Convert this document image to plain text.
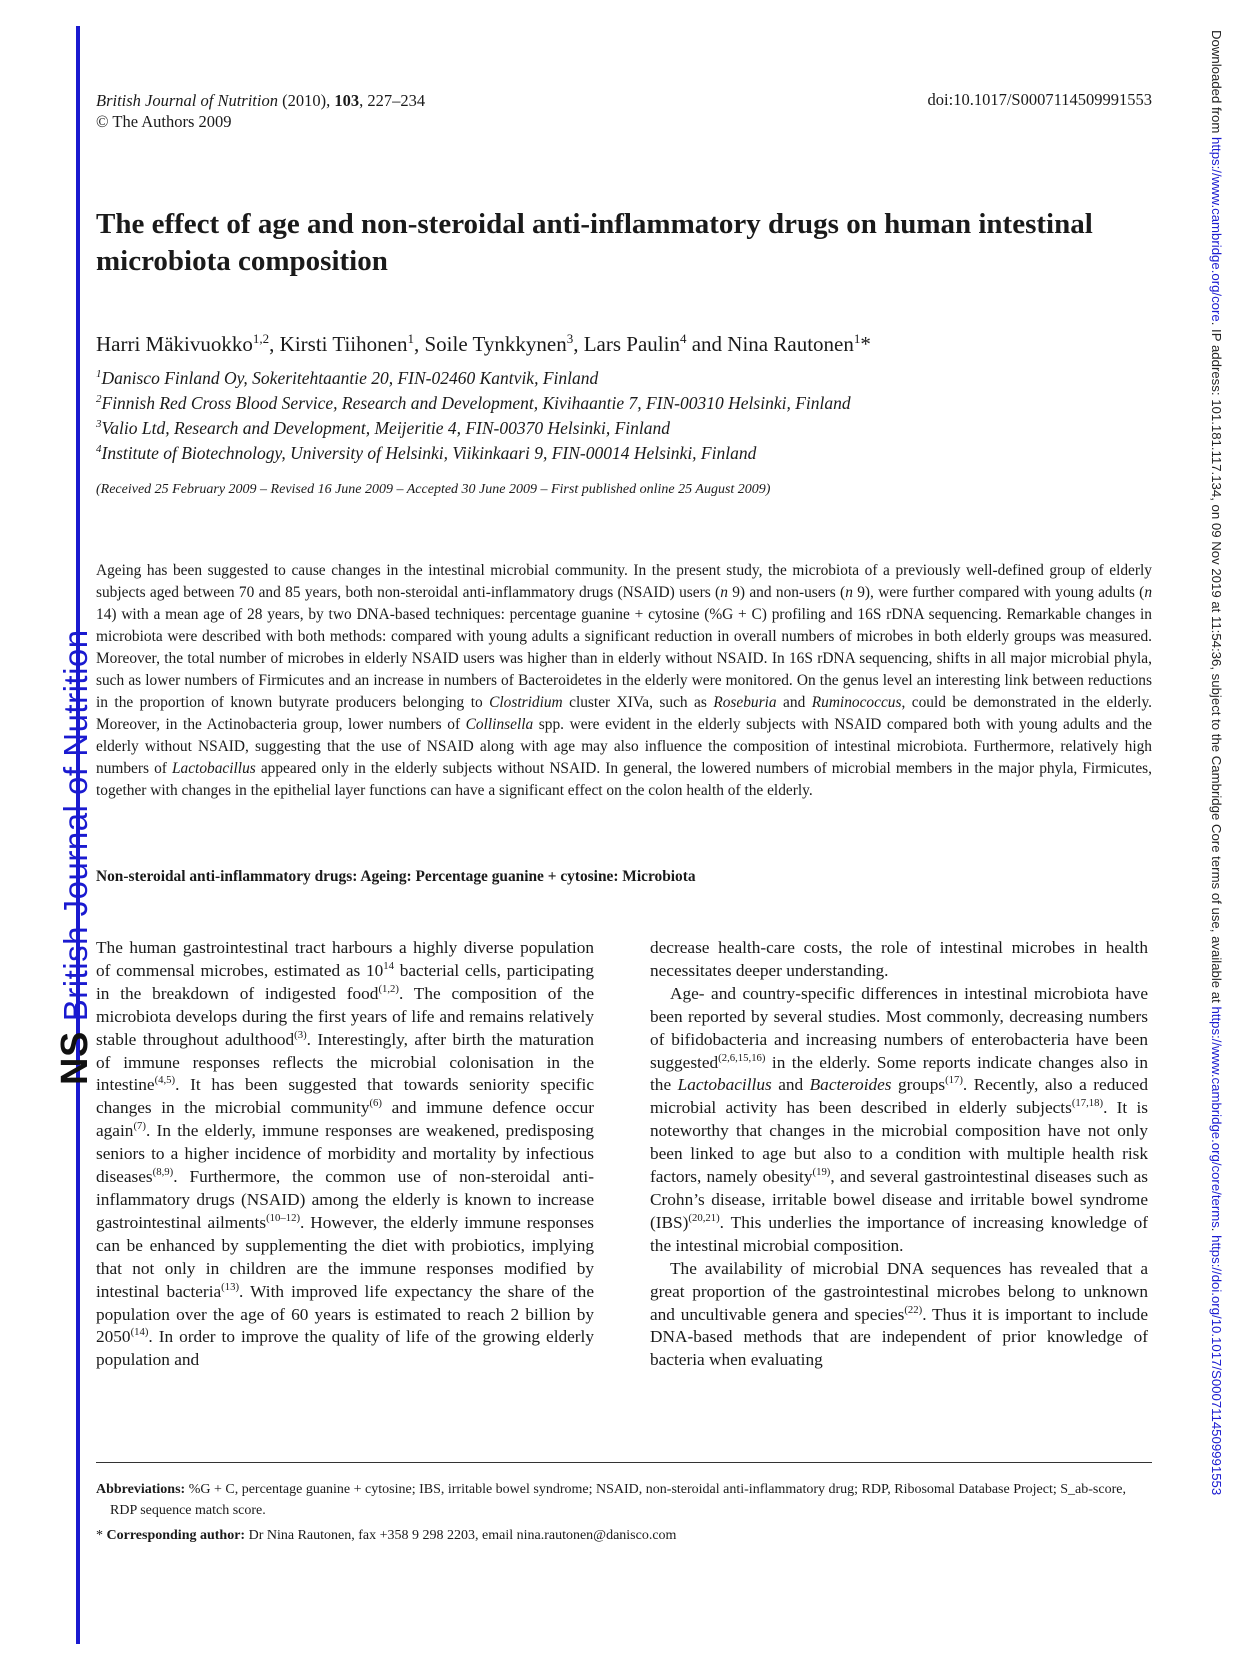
NSBritish Journal of Nutrition
Downloaded from https://www.cambridge.org/core. IP address: 101.181.117.134, on 09 Nov 2019 at 11:54:36, subject to the Cambridge Core terms of use, available at https://www.cambridge.org/core/terms. https://doi.org/10.1017/S0007114509991553
British Journal of Nutrition (2010), 103, 227–234
© The Authors 2009
doi:10.1017/S0007114509991553
The effect of age and non-steroidal anti-inflammatory drugs on human intestinal microbiota composition
Harri Mäkivuokko$^{1,2}$, Kirsti Tiihonen$^1$, Soile Tynkkynen$^3$, Lars Paulin$^4$ and Nina Rautonen$^1$*
$^1$Danisco Finland Oy, Sokeritehtaantie 20, FIN-02460 Kantvik, Finland
$^2$Finnish Red Cross Blood Service, Research and Development, Kivihaantie 7, FIN-00310 Helsinki, Finland
$^3$Valio Ltd, Research and Development, Meijeritie 4, FIN-00370 Helsinki, Finland
$^4$Institute of Biotechnology, University of Helsinki, Viikinkaari 9, FIN-00014 Helsinki, Finland
(Received 25 February 2009 – Revised 16 June 2009 – Accepted 30 June 2009 – First published online 25 August 2009)

Ageing has been suggested to cause changes in the intestinal microbial community. In the present study, the microbiota of a previously well-defined group of elderly subjects aged between 70 and 85 years, both non-steroidal anti-inflammatory drugs (NSAID) users (n 9) and non-users (n 9), were further compared with young adults (n 14) with a mean age of 28 years, by two DNA-based techniques: percentage guanine + cytosine (%G + C) profiling and 16S rDNA sequencing. Remarkable changes in microbiota were described with both methods: compared with young adults a significant reduction in overall numbers of microbes in both elderly groups was measured. Moreover, the total number of microbes in elderly NSAID users was higher than in elderly without NSAID. In 16S rDNA sequencing, shifts in all major microbial phyla, such as lower numbers of Firmicutes and an increase in numbers of Bacteroidetes in the elderly were monitored. On the genus level an interesting link between reductions in the proportion of known butyrate producers belonging to Clostridium cluster XIVa, such as Roseburia and Ruminococcus, could be demonstrated in the elderly. Moreover, in the Actinobacteria group, lower numbers of Collinsella spp. were evident in the elderly subjects with NSAID compared both with young adults and the elderly without NSAID, suggesting that the use of NSAID along with age may also influence the composition of intestinal microbiota. Furthermore, relatively high numbers of Lactobacillus appeared only in the elderly subjects without NSAID. In general, the lowered numbers of microbial members in the major phyla, Firmicutes, together with changes in the epithelial layer functions can have a significant effect on the colon health of the elderly.

Non-steroidal anti-inflammatory drugs: Ageing: Percentage guanine + cytosine: Microbiota

The human gastrointestinal tract harbours a highly diverse population of commensal microbes, estimated as $10^{14}$ bacterial cells, participating in the breakdown of indigested food$^{(1,2)}$. The composition of the microbiota develops during the first years of life and remains relatively stable throughout adulthood$^{(3)}$. Interestingly, after birth the maturation of immune responses reflects the microbial colonisation in the intestine$^{(4,5)}$. It has been suggested that towards seniority specific changes in the microbial community$^{(6)}$ and immune defence occur again$^{(7)}$. In the elderly, immune responses are weakened, predisposing seniors to a higher incidence of morbidity and mortality by infectious diseases$^{(8,9)}$. Furthermore, the common use of non-steroidal anti-inflammatory drugs (NSAID) among the elderly is known to increase gastrointestinal ailments$^{(10-12)}$. However, the elderly immune responses can be enhanced by supplementing the diet with probiotics, implying that not only in children are the immune responses modified by intestinal bacteria$^{(13)}$. With improved life expectancy the share of the population over the age of 60 years is estimated to reach 2 billion by 2050$^{(14)}$. In order to improve the quality of life of the growing elderly population and

decrease health-care costs, the role of intestinal microbes in health necessitates deeper understanding.

Age- and country-specific differences in intestinal microbiota have been reported by several studies. Most commonly, decreasing numbers of bifidobacteria and increasing numbers of enterobacteria have been suggested$^{(2,6,15,16)}$ in the elderly. Some reports indicate changes also in the Lactobacillus and Bacteroides groups$^{(17)}$. Recently, also a reduced microbial activity has been described in elderly subjects$^{(17,18)}$. It is noteworthy that changes in the microbial composition have not only been linked to age but also to a condition with multiple health risk factors, namely obesity$^{(19)}$, and several gastrointestinal diseases such as Crohn’s disease, irritable bowel disease and irritable bowel syndrome (IBS)$^{(20,21)}$. This underlies the importance of increasing knowledge of the intestinal microbial composition.

The availability of microbial DNA sequences has revealed that a great proportion of the gastrointestinal microbes belong to unknown and uncultivable genera and species$^{(22)}$. Thus it is important to include DNA-based methods that are independent of prior knowledge of bacteria when evaluating

Abbreviations: %G + C, percentage guanine + cytosine; IBS, irritable bowel syndrome; NSAID, non-steroidal anti-inflammatory drug; RDP, Ribosomal Database Project; S_ab-score, RDP sequence match score.

* Corresponding author: Dr Nina Rautonen, fax +358 9 298 2203, email nina.rautonen@danisco.com
